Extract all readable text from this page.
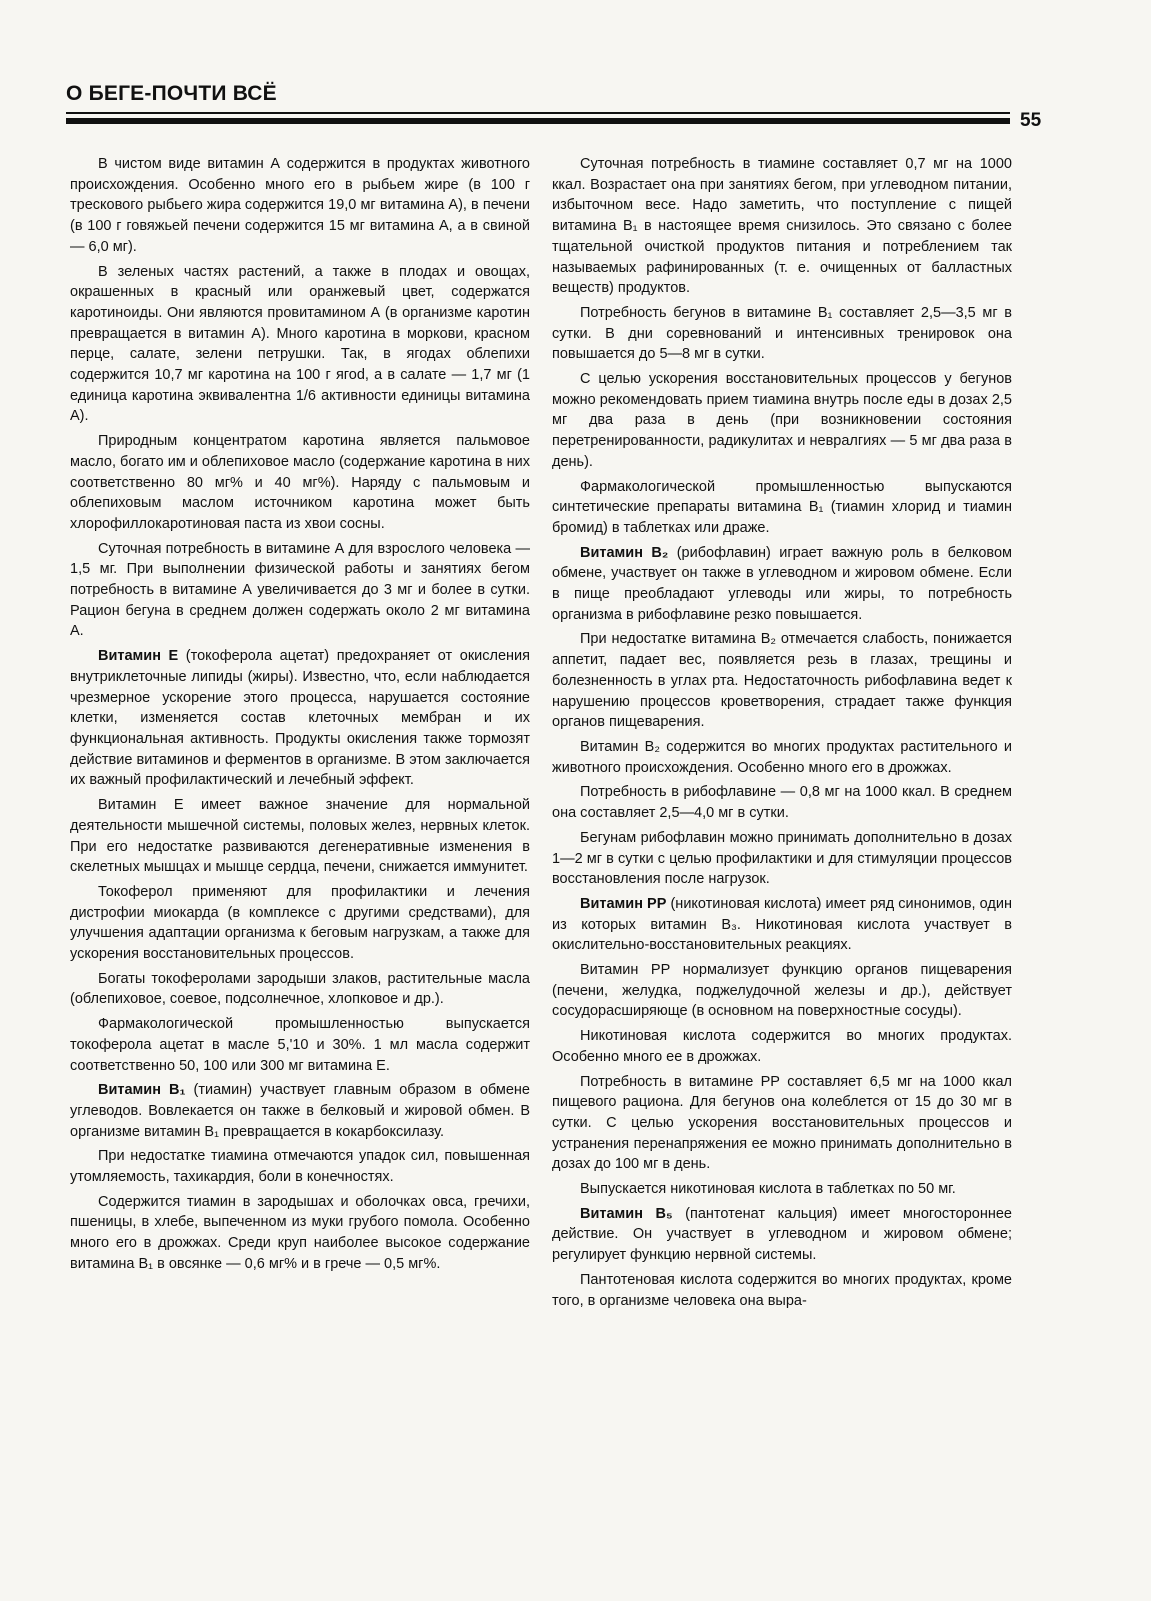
О БЕГЕ-ПОЧТИ ВСЁ
55

В чистом виде витамин А содержится в продуктах животного происхождения. Особенно много его в рыбьем жире (в 100 г трескового рыбьего жира содержится 19,0 мг витамина А), в печени (в 100 г говяжьей печени содержится 15 мг витамина А, а в свиной — 6,0 мг).

В зеленых частях растений, а также в плодах и овощах, окрашенных в красный или оранжевый цвет, содержатся каротиноиды. Они являются провитамином А (в организме каротин превращается в витамин А). Много каротина в моркови, красном перце, салате, зелени петрушки. Так, в ягодах облепихи содержится 10,7 мг каротина на 100 г ягоd, а в салате — 1,7 мг (1 единица каротина эквивалентна 1/6 активности единицы витамина А).

Природным концентратом каротина является пальмовое масло, богато им и облепиховое масло (содержание каротина в них соответственно 80 мг% и 40 мг%). Наряду с пальмовым и облепиховым маслом источником каротина может быть хлорофиллокаротиновая паста из хвои сосны.

Суточная потребность в витамине А для взрослого человека — 1,5 мг. При выполнении физической работы и занятиях бегом потребность в витамине А увеличивается до 3 мг и более в сутки. Рацион бегуна в среднем должен содержать около 2 мг витамина А.

Витамин Е (токоферола ацетат) предохраняет от окисления внутриклеточные липиды (жиры). Известно, что, если наблюдается чрезмерное ускорение этого процесса, нарушается состояние клетки, изменяется состав клеточных мембран и их функциональная активность. Продукты окисления также тормозят действие витаминов и ферментов в организме. В этом заключается их важный профилактический и лечебный эффект.

Витамин Е имеет важное значение для нормальной деятельности мышечной системы, половых желез, нервных клеток. При его недостатке развиваются дегенеративные изменения в скелетных мышцах и мышце сердца, печени, снижается иммунитет.

Токоферол применяют для профилактики и лечения дистрофии миокарда (в комплексе с другими средствами), для улучшения адаптации организма к беговым нагрузкам, а также для ускорения восстановительных процессов.

Богаты токоферолами зародыши злаков, растительные масла (облепиховое, соевое, подсолнечное, хлопковое и др.).

Фармакологической промышленностью выпускается токоферола ацетат в масле 5,'10 и 30%. 1 мл масла содержит соответственно 50, 100 или 300 мг витамина Е.

Витамин В₁ (тиамин) участвует главным образом в обмене углеводов. Вовлекается он также в белковый и жировой обмен. В организме витамин В₁ превращается в кокарбоксилазу.

При недостатке тиамина отмечаются упадок сил, повышенная утомляемость, тахикардия, боли в конечностях.

Содержится тиамин в зародышах и оболочках овса, гречихи, пшеницы, в хлебе, выпеченном из муки грубого помола. Особенно много его в дрожжах. Среди круп наиболее высокое содержание витамина В₁ в овсянке — 0,6 мг% и в грече — 0,5 мг%.

Суточная потребность в тиамине составляет 0,7 мг на 1000 ккал. Возрастает она при занятиях бегом, при углеводном питании, избыточном весе. Надо заметить, что поступление с пищей витамина В₁ в настоящее время снизилось. Это связано с более тщательной очисткой продуктов питания и потреблением так называемых рафинированных (т. е. очищенных от балластных веществ) продуктов.

Потребность бегунов в витамине В₁ составляет 2,5—3,5 мг в сутки. В дни соревнований и интенсивных тренировок она повышается до 5—8 мг в сутки.

С целью ускорения восстановительных процессов у бегунов можно рекомендовать прием тиамина внутрь после еды в дозах 2,5 мг два раза в день (при возникновении состояния перетренированности, радикулитах и невралгиях — 5 мг два раза в день).

Фармакологической промышленностью выпускаются синтетические препараты витамина В₁ (тиамин хлорид и тиамин бромид) в таблетках или драже.

Витамин В₂ (рибофлавин) играет важную роль в белковом обмене, участвует он также в углеводном и жировом обмене. Если в пище преобладают углеводы или жиры, то потребность организма в рибофлавине резко повышается.

При недостатке витамина В₂ отмечается слабость, понижается аппетит, падает вес, появляется резь в глазах, трещины и болезненность в углах рта. Недостаточность рибофлавина ведет к нарушению процессов кроветворения, страдает также функция органов пищеварения.

Витамин В₂ содержится во многих продуктах растительного и животного происхождения. Особенно много его в дрожжах.

Потребность в рибофлавине — 0,8 мг на 1000 ккал. В среднем она составляет 2,5—4,0 мг в сутки.

Бегунам рибофлавин можно принимать дополнительно в дозах 1—2 мг в сутки с целью профилактики и для стимуляции процессов восстановления после нагрузок.

Витамин РР (никотиновая кислота) имеет ряд синонимов, один из которых витамин В₃. Никотиновая кислота участвует в окислительно-восстановительных реакциях.

Витамин РР нормализует функцию органов пищеварения (печени, желудка, поджелудочной железы и др.), действует сосудорасширяюще (в основном на поверхностные сосуды).

Никотиновая кислота содержится во многих продуктах. Особенно много ее в дрожжах.

Потребность в витамине РР составляет 6,5 мг на 1000 ккал пищевого рациона. Для бегунов она колеблется от 15 до 30 мг в сутки. С целью ускорения восстановительных процессов и устранения перенапряжения ее можно принимать дополнительно в дозах до 100 мг в день.

Выпускается никотиновая кислота в таблетках по 50 мг.

Витамин В₅ (пантотенат кальция) имеет многостороннее действие. Он участвует в углеводном и жировом обмене; регулирует функцию нервной системы.

Пантотеновая кислота содержится во многих продуктах, кроме того, в организме человека она выра-
